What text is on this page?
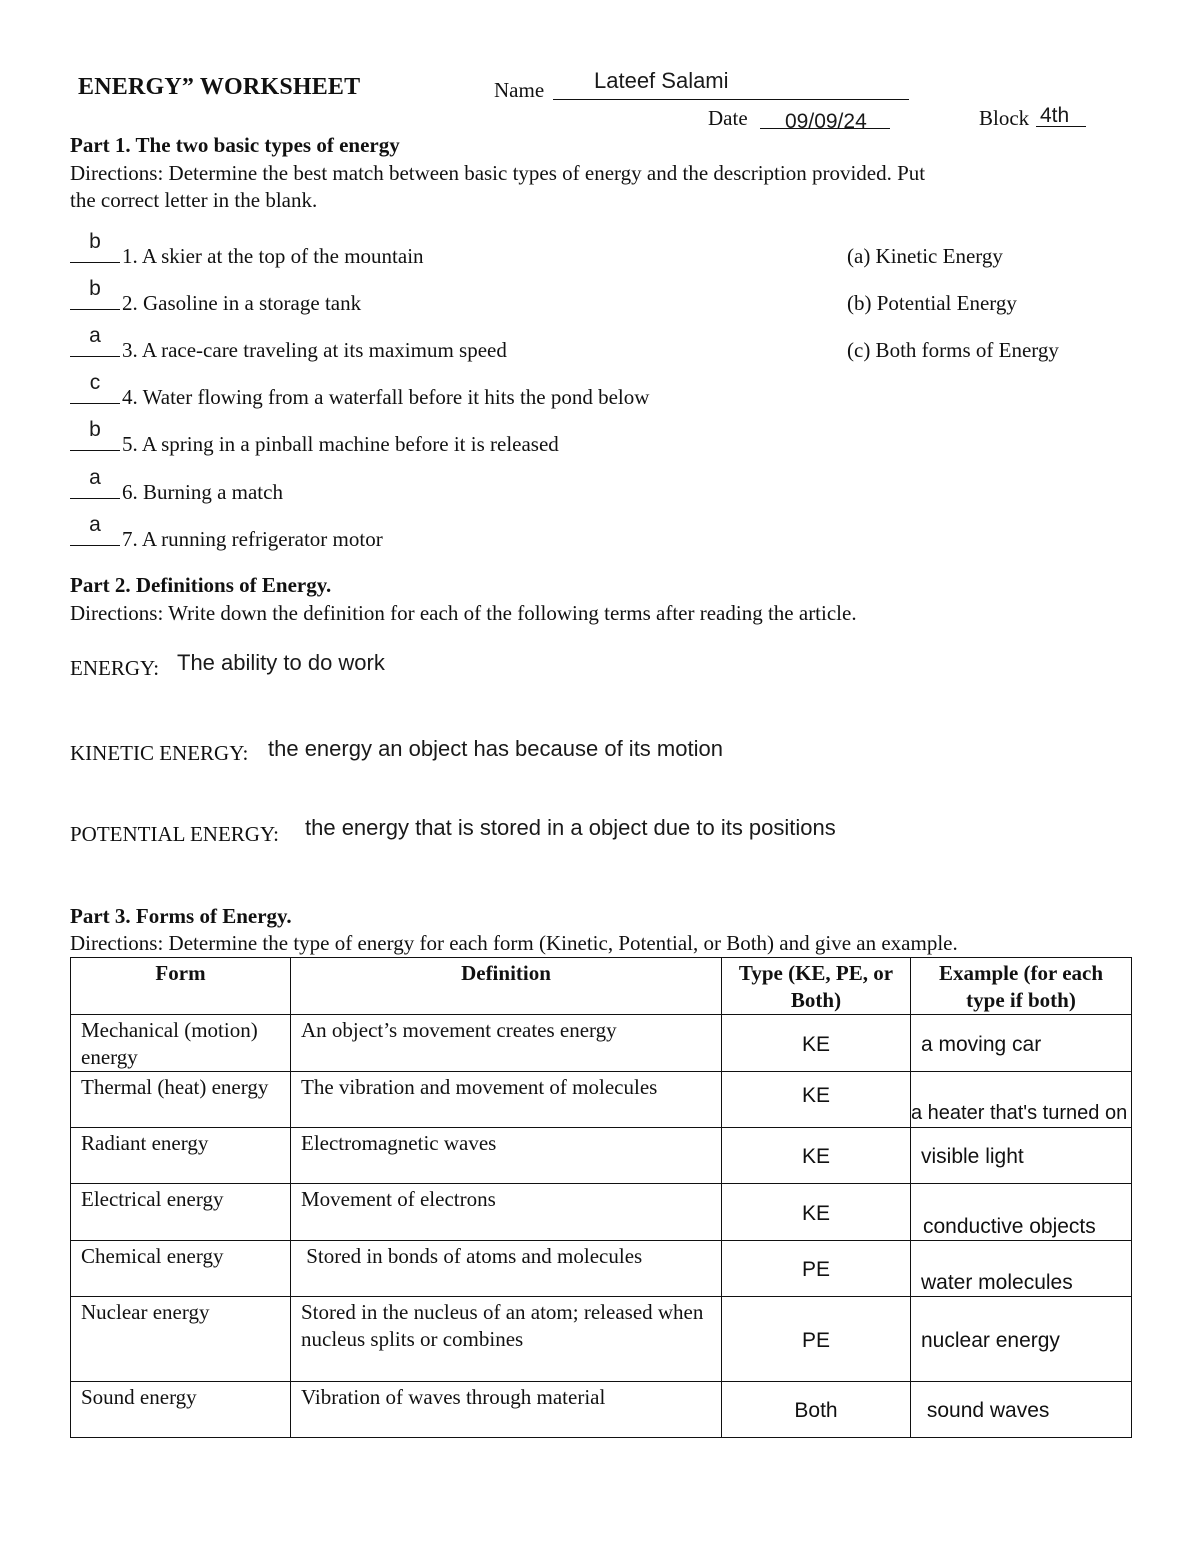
ENERGY” WORKSHEET	Name Lateef Salami
Date 09/09/24	Block 4th
Part 1. The two basic types of energy
Directions: Determine the best match between basic types of energy and the description provided. Put
the correct letter in the blank.
b
1. A skier at the top of the mountain
b
2. Gasoline in a storage tank
a
3. A race-care traveling at its maximum speed
c
4. Water flowing from a waterfall before it hits the pond below
b
5. A spring in a pinball machine before it is released
a
6. Burning a match
a
7. A running refrigerator motor
(a) Kinetic Energy
(b) Potential Energy
(c) Both forms of Energy
Part 2. Definitions of Energy.
Directions: Write down the definition for each of the following terms after reading the article.
ENERGY: The ability to do work
KINETIC ENERGY: the energy an object has because of its motion
POTENTIAL ENERGY: the energy that is stored in a object due to its positions
Part 3. Forms of Energy.
Directions: Determine the type of energy for each form (Kinetic, Potential, or Both) and give an example.
Form	Definition	Type (KE, PE, or Both)	Example (for each type if both)
Mechanical (motion) energy	An object’s movement creates energy	KE	a moving car
Thermal (heat) energy	The vibration and movement of molecules	KE	a heater that's turned on
Radiant energy	Electromagnetic waves	KE	visible light
Electrical energy	Movement of electrons	KE	conductive objects
Chemical energy	Stored in bonds of atoms and molecules	PE	water molecules
Nuclear energy	Stored in the nucleus of an atom; released when nucleus splits or combines	PE	nuclear energy
Sound energy	Vibration of waves through material	Both	sound waves
